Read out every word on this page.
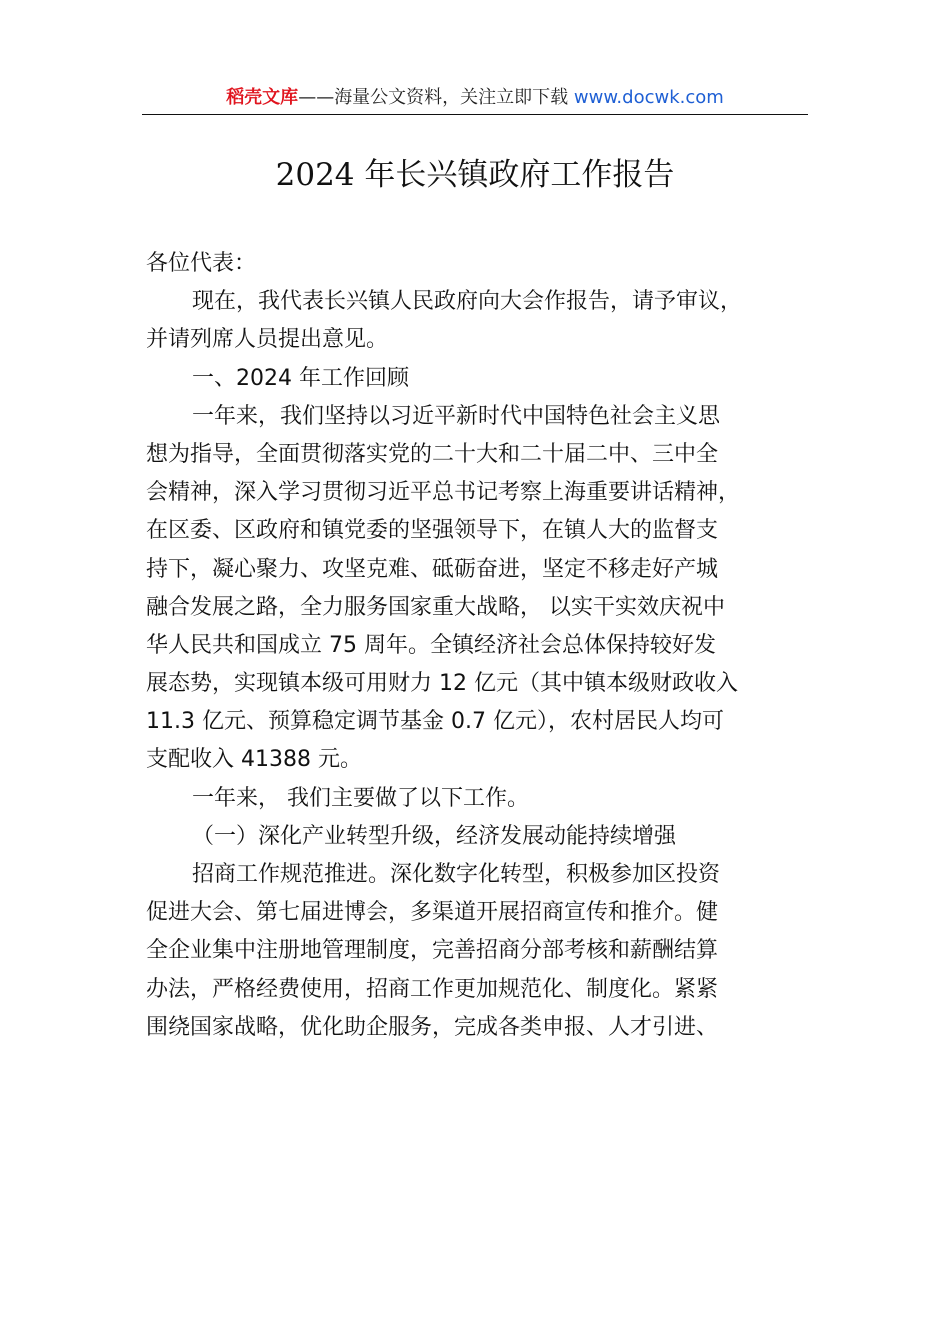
稻壳文库——海量公文资料，关注立即下载 www.docwk.com
2024 年长兴镇政府工作报告
各位代表：
现在，我代表长兴镇人民政府向大会作报告，请予审议，
并请列席人员提出意见。
一、2024 年工作回顾
一年来，我们坚持以习近平新时代中国特色社会主义思
想为指导，全面贯彻落实党的二十大和二十届二中、三中全
会精神，深入学习贯彻习近平总书记考察上海重要讲话精神，
在区委、区政府和镇党委的坚强领导下，在镇人大的监督支
持下，凝心聚力、攻坚克难、砥砺奋进，坚定不移走好产城
融合发展之路，全力服务国家重大战略， 以实干实效庆祝中
华人民共和国成立 75 周年。全镇经济社会总体保持较好发
展态势，实现镇本级可用财力 12 亿元（其中镇本级财政收入
11.3 亿元、预算稳定调节基金 0.7 亿元），农村居民人均可
支配收入 41388 元。
一年来， 我们主要做了以下工作。
（一）深化产业转型升级，经济发展动能持续增强
招商工作规范推进。深化数字化转型，积极参加区投资
促进大会、第七届进博会，多渠道开展招商宣传和推介。健
全企业集中注册地管理制度，完善招商分部考核和薪酬结算
办法，严格经费使用，招商工作更加规范化、制度化。紧紧
围绕国家战略，优化助企服务，完成各类申报、人才引进、
